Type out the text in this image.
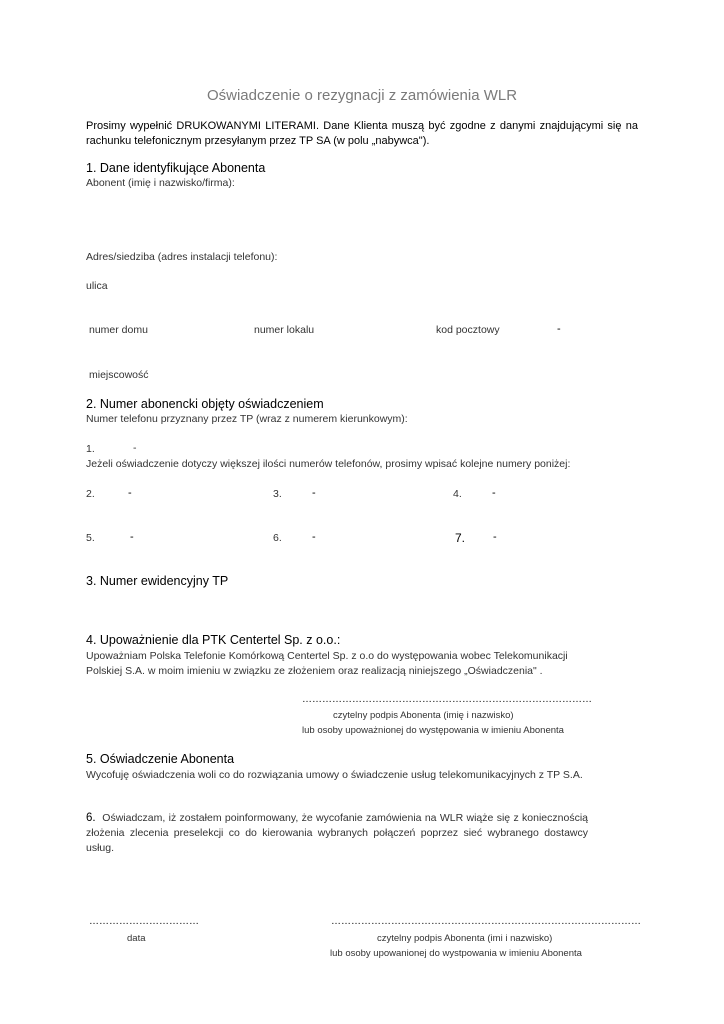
Oświadczenie o rezygnacji z zamówienia WLR
Prosimy wypełnić DRUKOWANYMI LITERAMI. Dane Klienta muszą być zgodne z danymi znajdującymi się na rachunku telefonicznym przesyłanym przez TP SA (w polu „nabywca").
1. Dane identyfikujące Abonenta
Abonent (imię i nazwisko/firma):
Adres/siedziba (adres instalacji telefonu):
ulica
numer domu	numer lokalu	kod pocztowy	-
miejscowość
2. Numer abonencki objęty oświadczeniem
Numer telefonu przyznany przez TP (wraz z numerem kierunkowym):
1.	-
Jeżeli oświadczenie dotyczy większej ilości numerów telefonów, prosimy wpisać kolejne numery poniżej:
2.	-	3.	-	4.	-
5.	-	6.	-	7.	-
3. Numer ewidencyjny TP
4. Upoważnienie dla PTK Centertel Sp. z o.o.:
Upoważniam Polska Telefonie Komórkową Centertel Sp. z o.o do występowania wobec Telekomunikacji Polskiej S.A. w moim imieniu w związku ze złożeniem oraz realizacją niniejszego „Oświadczenia" .
……………………………………………………………………………
czytelny podpis Abonenta (imię i nazwisko)
lub osoby upoważnionej do występowania w imieniu Abonenta
5. Oświadczenie Abonenta
Wycofuję oświadczenia woli co do rozwiązania umowy o świadczenie usług telekomunikacyjnych z TP S.A.
6. Oświadczam, iż zostałem poinformowany, że wycofanie zamówienia na WLR wiąże się z koniecznością złożenia zlecenia preselekcji co do kierowania wybranych połączeń poprzez sieć wybranego dostawcy usług.
……………………………
data
…………………………………………………………………………………
czytelny podpis Abonenta (imi i nazwisko)
lub osoby upowanionej do wystpowania w imieniu Abonenta
